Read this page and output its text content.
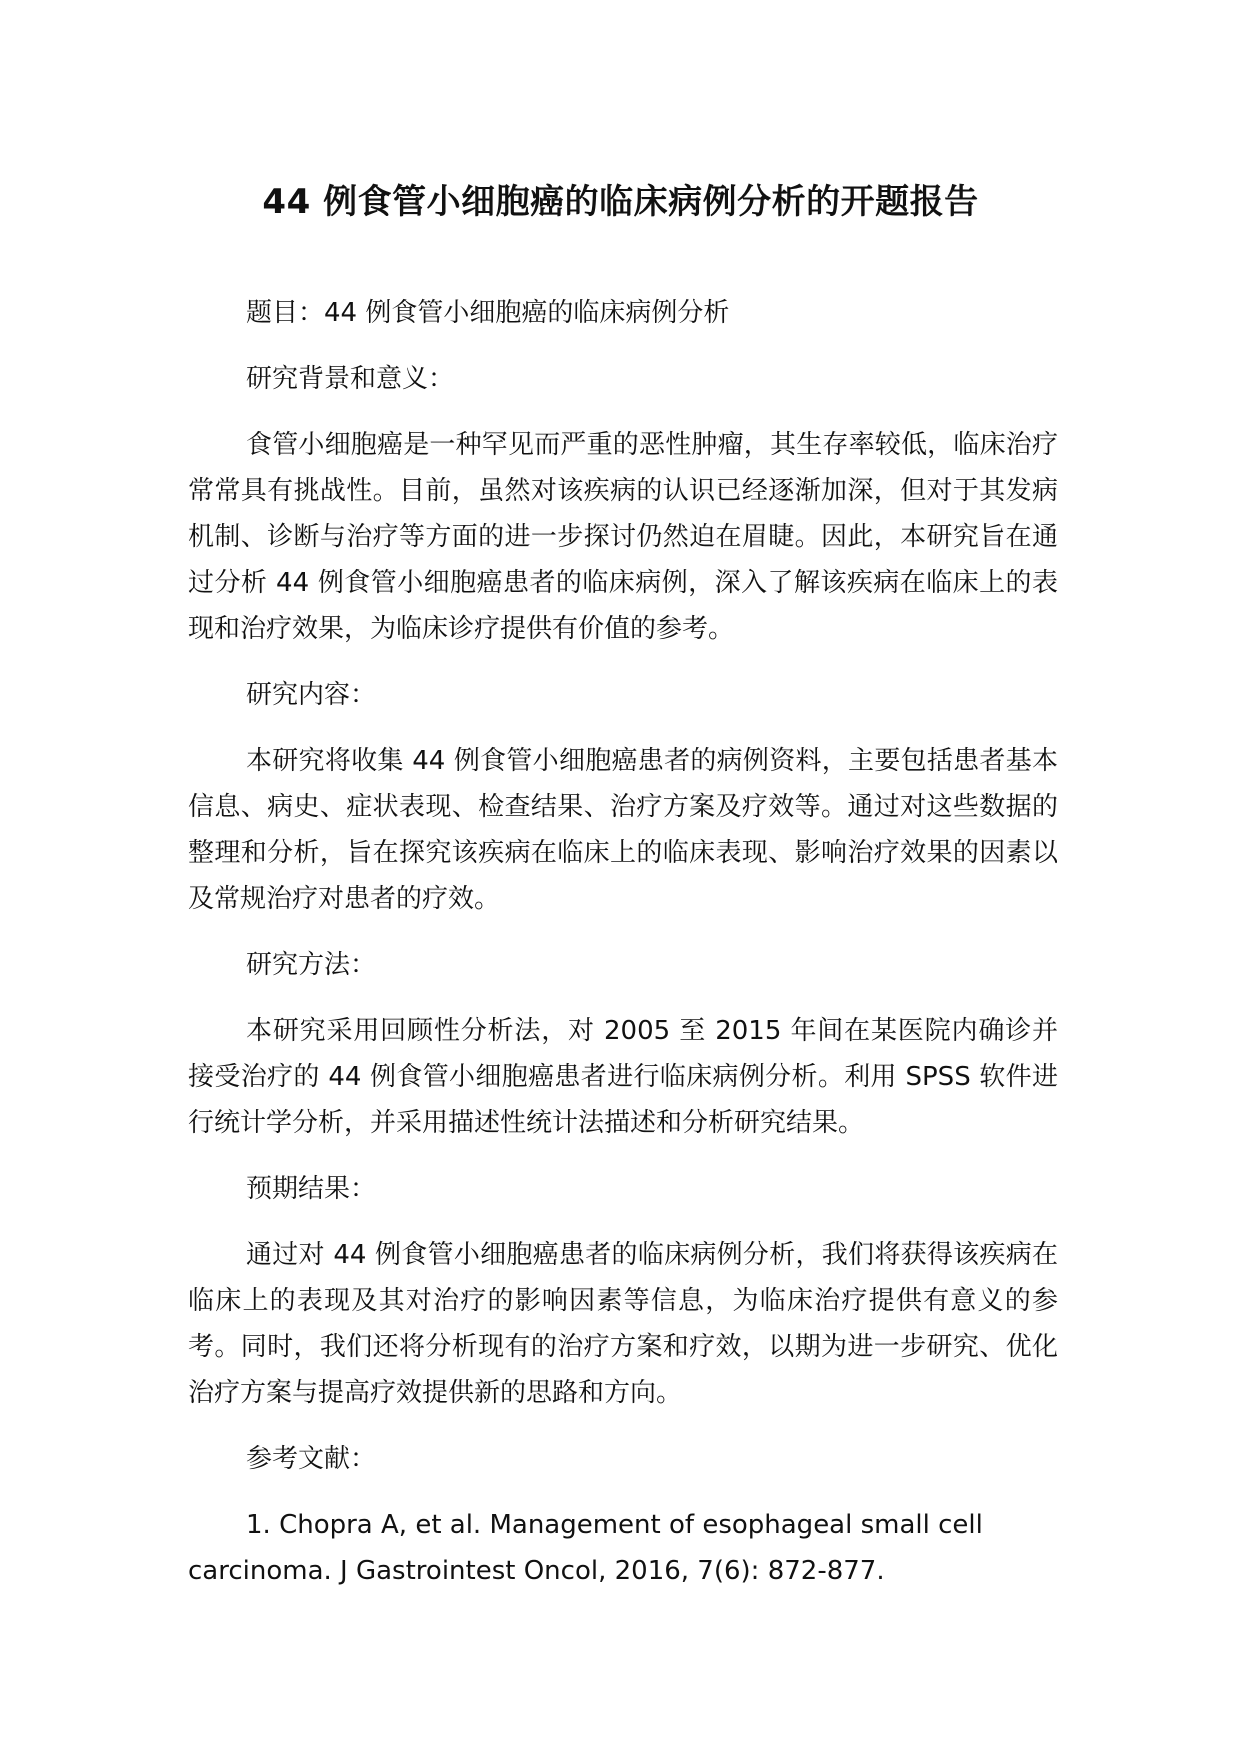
44 例食管小细胞癌的临床病例分析的开题报告

题目：44 例食管小细胞癌的临床病例分析

研究背景和意义：

食管小细胞癌是一种罕见而严重的恶性肿瘤，其生存率较低，临床治疗常常具有挑战性。目前，虽然对该疾病的认识已经逐渐加深，但对于其发病机制、诊断与治疗等方面的进一步探讨仍然迫在眉睫。因此，本研究旨在通过分析 44 例食管小细胞癌患者的临床病例，深入了解该疾病在临床上的表现和治疗效果，为临床诊疗提供有价值的参考。

研究内容：

本研究将收集 44 例食管小细胞癌患者的病例资料，主要包括患者基本信息、病史、症状表现、检查结果、治疗方案及疗效等。通过对这些数据的整理和分析，旨在探究该疾病在临床上的临床表现、影响治疗效果的因素以及常规治疗对患者的疗效。

研究方法：

本研究采用回顾性分析法，对 2005 至 2015 年间在某医院内确诊并接受治疗的 44 例食管小细胞癌患者进行临床病例分析。利用 SPSS 软件进行统计学分析，并采用描述性统计法描述和分析研究结果。

预期结果：

通过对 44 例食管小细胞癌患者的临床病例分析，我们将获得该疾病在临床上的表现及其对治疗的影响因素等信息，为临床治疗提供有意义的参考。同时，我们还将分析现有的治疗方案和疗效，以期为进一步研究、优化治疗方案与提高疗效提供新的思路和方向。

参考文献：

1. Chopra A, et al. Management of esophageal small cell carcinoma. J Gastrointest Oncol, 2016, 7(6): 872-877.
